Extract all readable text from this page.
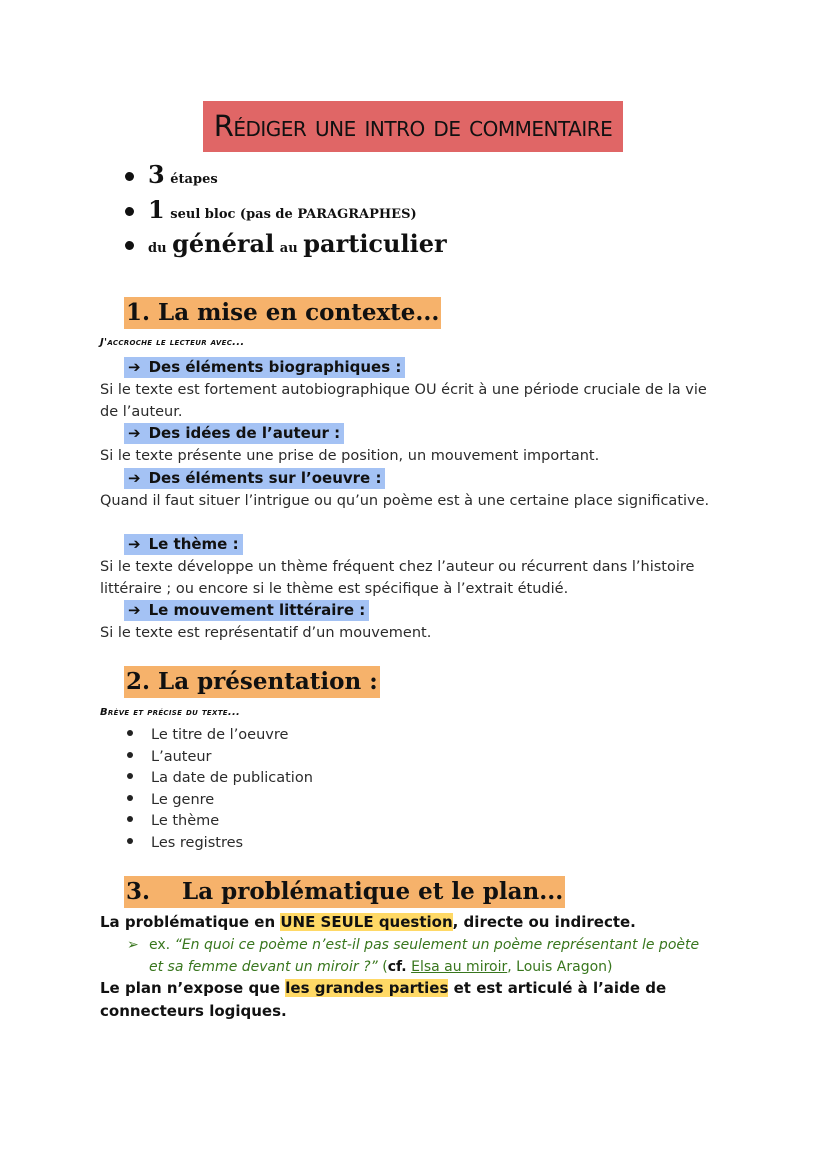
Rédiger une intro de commentaire
3 étapes
1 seul bloc (pas de PARAGRAPHES)
du général au particulier
1. La mise en contexte...
J'accroche le lecteur avec...
➔ Des éléments biographiques :
Si le texte est fortement autobiographique OU écrit à une période cruciale de la vie de l’auteur.
➔ Des idées de l’auteur :
Si le texte présente une prise de position, un mouvement important.
➔ Des éléments sur l’oeuvre :
Quand il faut situer l’intrigue ou qu’un poème est à une certaine place significative.
➔ Le thème :
Si le texte développe un thème fréquent chez l’auteur ou récurrent dans l’histoire littéraire ; ou encore si le thème est spécifique à l’extrait étudié.
➔ Le mouvement littéraire :
Si le texte est représentatif d’un mouvement.
2. La présentation :
Brève et précise du texte...
Le titre de l’oeuvre
L’auteur
La date de publication
Le genre
Le thème
Les registres
3.    La problématique et le plan...
La problématique en UNE SEULE question, directe ou indirecte.
➢ ex. “En quoi ce poème n’est-il pas seulement un poème représentant le poète et sa femme devant un miroir ?” (cf. Elsa au miroir, Louis Aragon)
Le plan n’expose que les grandes parties et est articulé à l’aide de connecteurs logiques.
